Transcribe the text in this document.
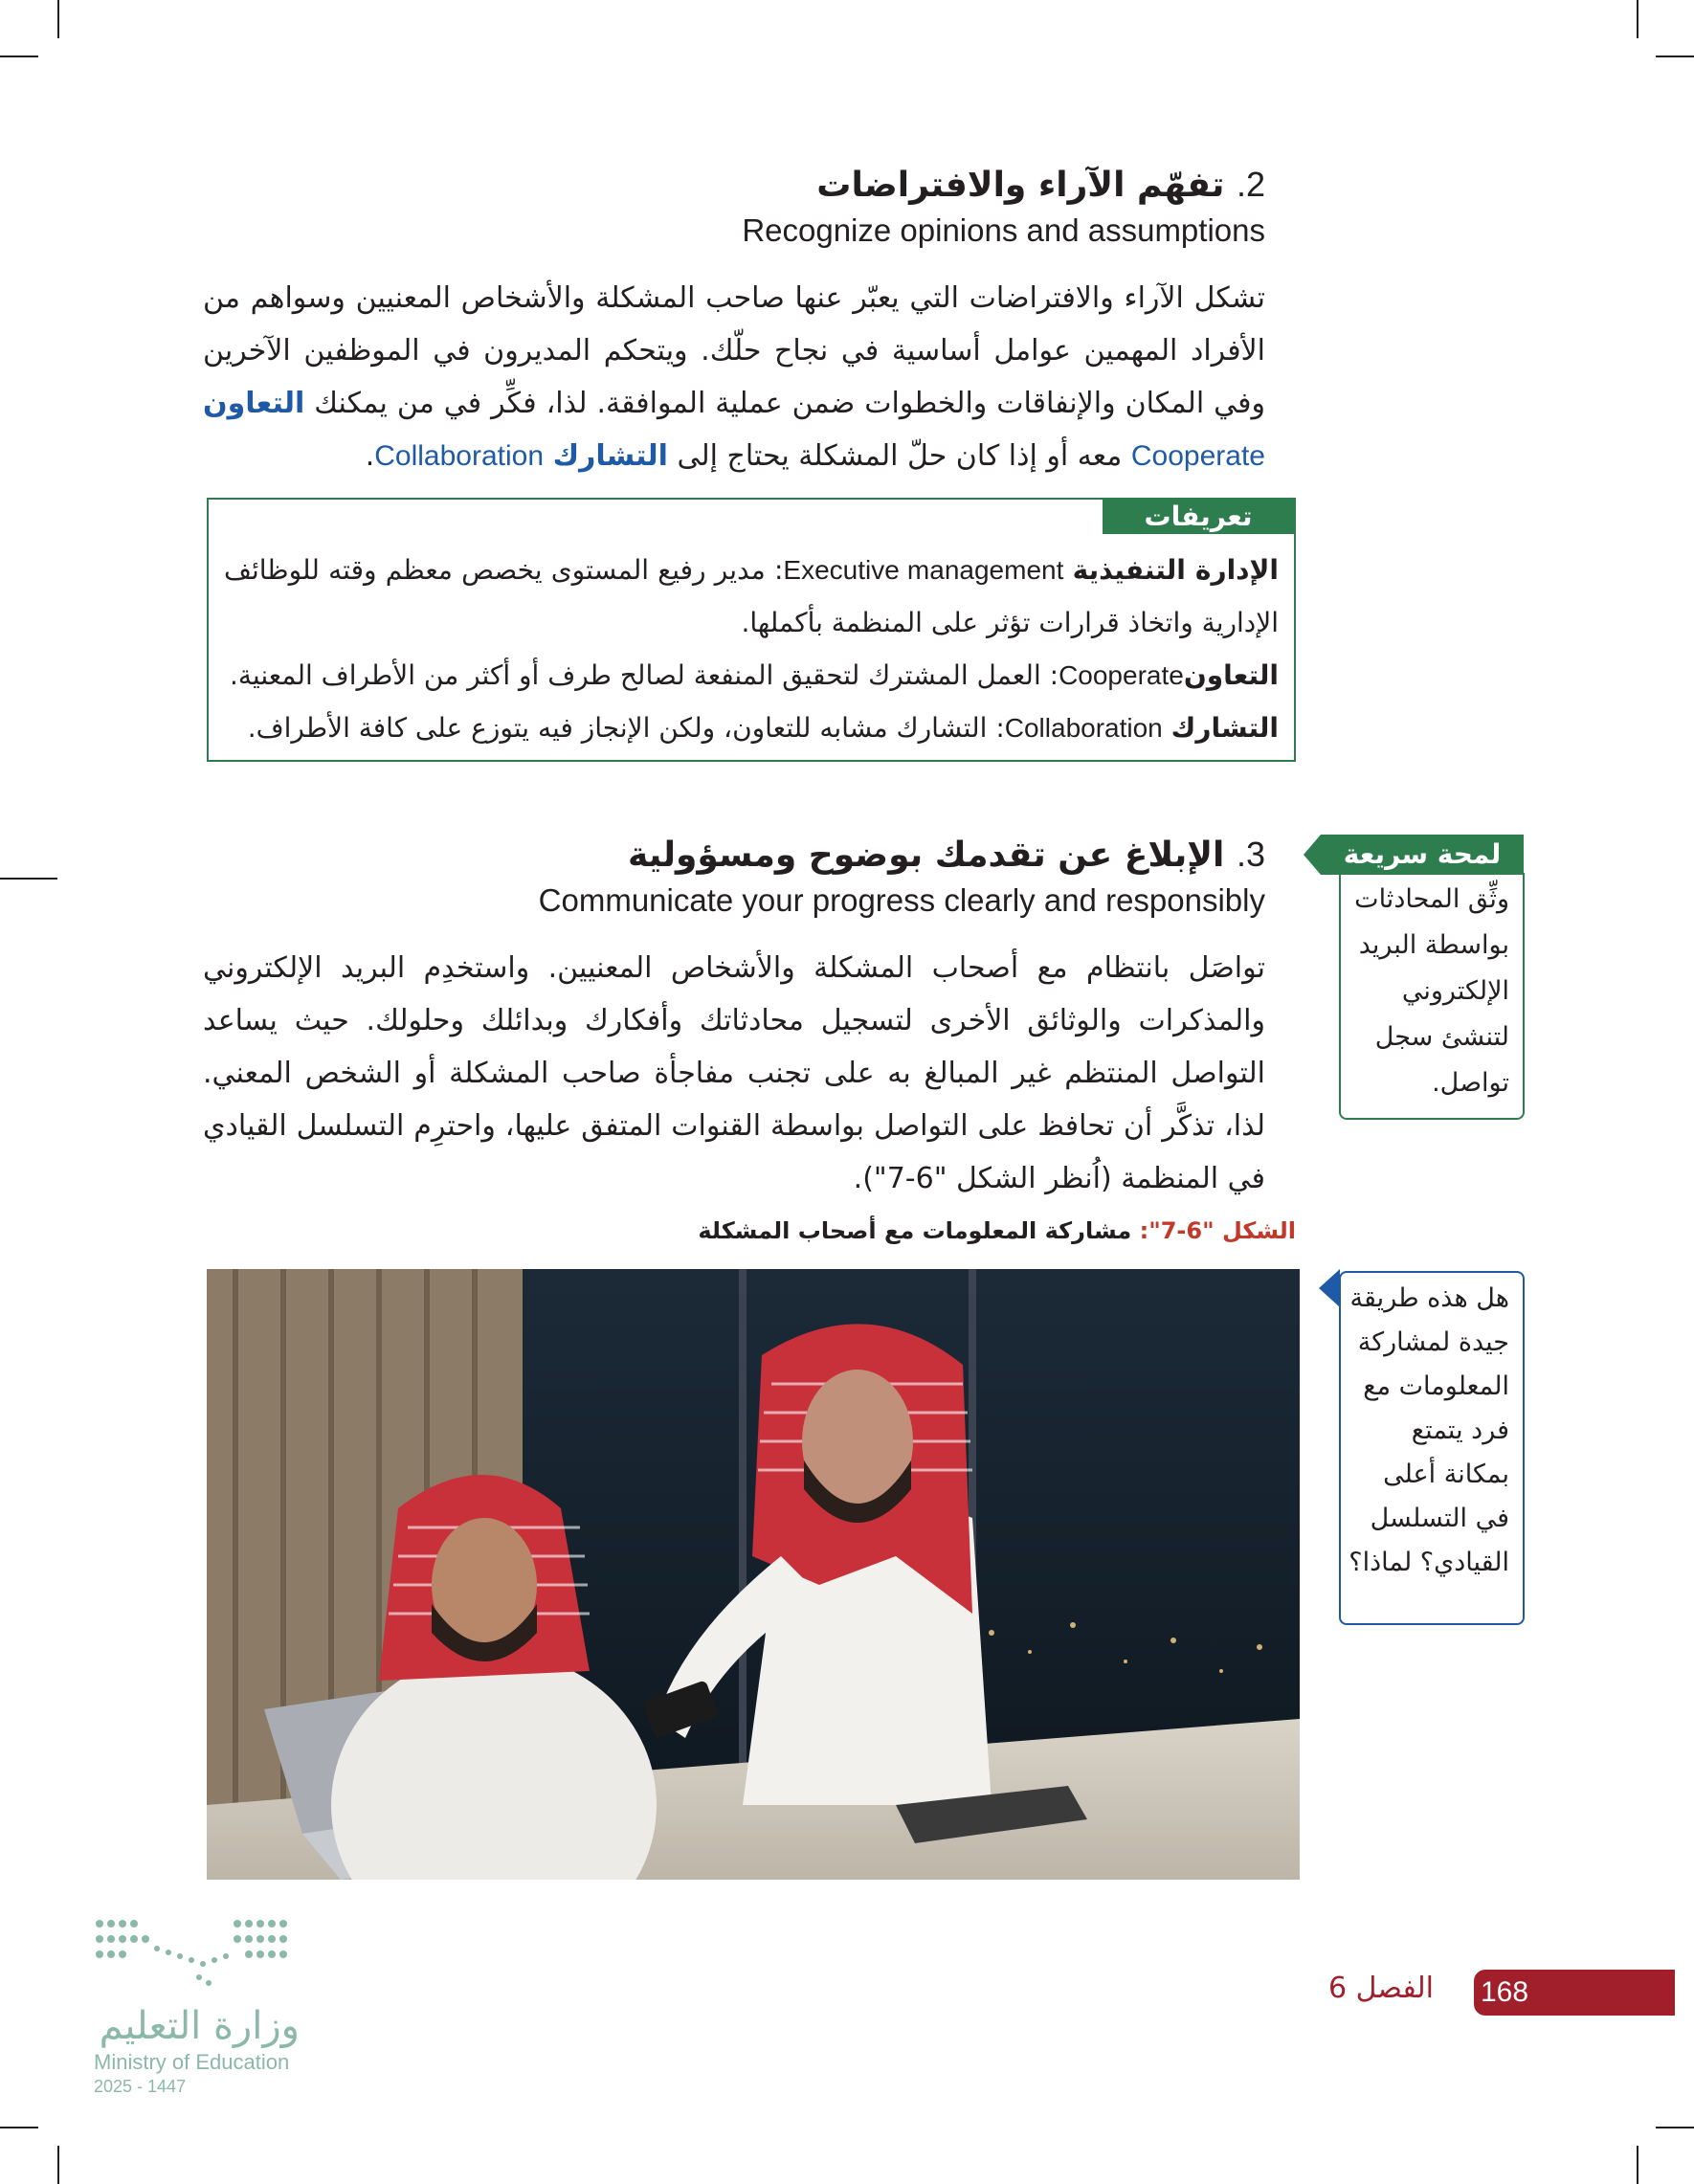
2. تفهّم الآراء والافتراضات
Recognize opinions and assumptions

تشكل الآراء والافتراضات التي يعبّر عنها صاحب المشكلة والأشخاص المعنيين وسواهم من الأفراد المهمين عوامل أساسية في نجاح حلّك. ويتحكم المديرون في الموظفين الآخرين وفي المكان والإنفاقات والخطوات ضمن عملية الموافقة. لذا، فكِّر في من يمكنك التعاون Cooperate معه أو إذا كان حلّ المشكلة يحتاج إلى التشارك Collaboration.

تعريفات

الإدارة التنفيذية Executive management: مدير رفيع المستوى يخصص معظم وقته للوظائف الإدارية واتخاذ قرارات تؤثر على المنظمة بأكملها.

التعاونCooperate: العمل المشترك لتحقيق المنفعة لصالح طرف أو أكثر من الأطراف المعنية.

التشارك Collaboration: التشارك مشابه للتعاون، ولكن الإنجاز فيه يتوزع على كافة الأطراف.

3. الإبلاغ عن تقدمك بوضوح ومسؤولية
Communicate your progress clearly and responsibly

تواصَل بانتظام مع أصحاب المشكلة والأشخاص المعنيين. واستخدِم البريد الإلكتروني والمذكرات والوثائق الأخرى لتسجيل محادثاتك وأفكارك وبدائلك وحلولك. حيث يساعد التواصل المنتظم غير المبالغ به على تجنب مفاجأة صاحب المشكلة أو الشخص المعني. لذا، تذكَّر أن تحافظ على التواصل بواسطة القنوات المتفق عليها، واحترِم التسلسل القيادي في المنظمة (اُنظر الشكل "6-7").

لمحة سريعة
وثِّق المحادثات بواسطة البريد الإلكتروني لتنشئ سجل تواصل.
هل هذه طريقة جيدة لمشاركة المعلومات مع فرد يتمتع بمكانة أعلى في التسلسل القيادي؟ لماذا؟
الشكل "6-7": مشاركة المعلومات مع أصحاب المشكلة
168
الفصل 6
وزارة التعليم
Ministry of Education
2025 - 1447
